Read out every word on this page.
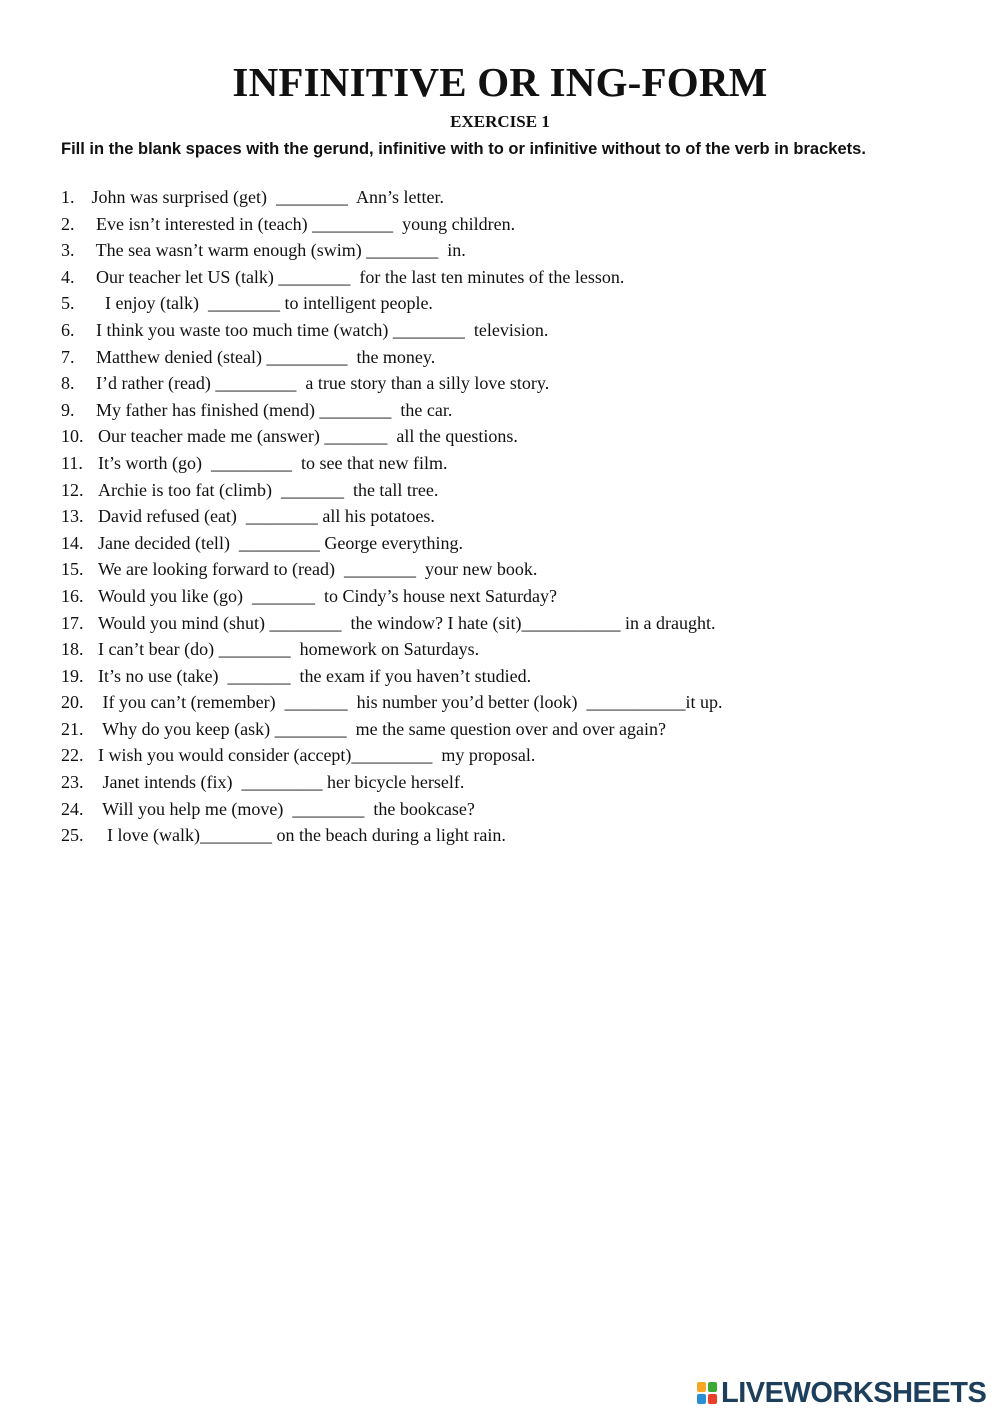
INFINITIVE OR ING-FORM
EXERCISE 1
Fill in the blank spaces with the gerund, infinitive with to or infinitive without to of the verb in brackets.
1. John was surprised (get)  ________  Ann’s letter.
2. Eve isn’t interested in (teach) _________  young children.
3. The sea wasn’t warm enough (swim) ________  in.
4. Our teacher let US (talk) ________  for the last ten minutes of the lesson.
5. I enjoy (talk)  ________ to intelligent people.
6. I think you waste too much time (watch) ________  television.
7. Matthew denied (steal) _________  the money.
8. I’d rather (read) _________  a true story than a silly love story.
9. My father has finished (mend) ________  the car.
10. Our teacher made me (answer) _______  all the questions.
11. It’s worth (go)  _________  to see that new film.
12. Archie is too fat (climb)  _______  the tall tree.
13. David refused (eat)  ________ all his potatoes.
14. Jane decided (tell)  _________ George everything.
15. We are looking forward to (read)  ________  your new book.
16. Would you like (go)  _______  to Cindy’s house next Saturday?
17. Would you mind (shut) ________  the window? I hate (sit)___________ in a draught.
18. I can’t bear (do) ________  homework on Saturdays.
19. It’s no use (take)  _______  the exam if you haven’t studied.
20. If you can’t (remember)  _______  his number you’d better (look)  ___________it up.
21. Why do you keep (ask) ________  me the same question over and over again?
22. I wish you would consider (accept)_________  my proposal.
23. Janet intends (fix)  _________ her bicycle herself.
24. Will you help me (move)  ________  the bookcase?
25. I love (walk)________ on the beach during a light rain.
LIVEWORKSHEETS
